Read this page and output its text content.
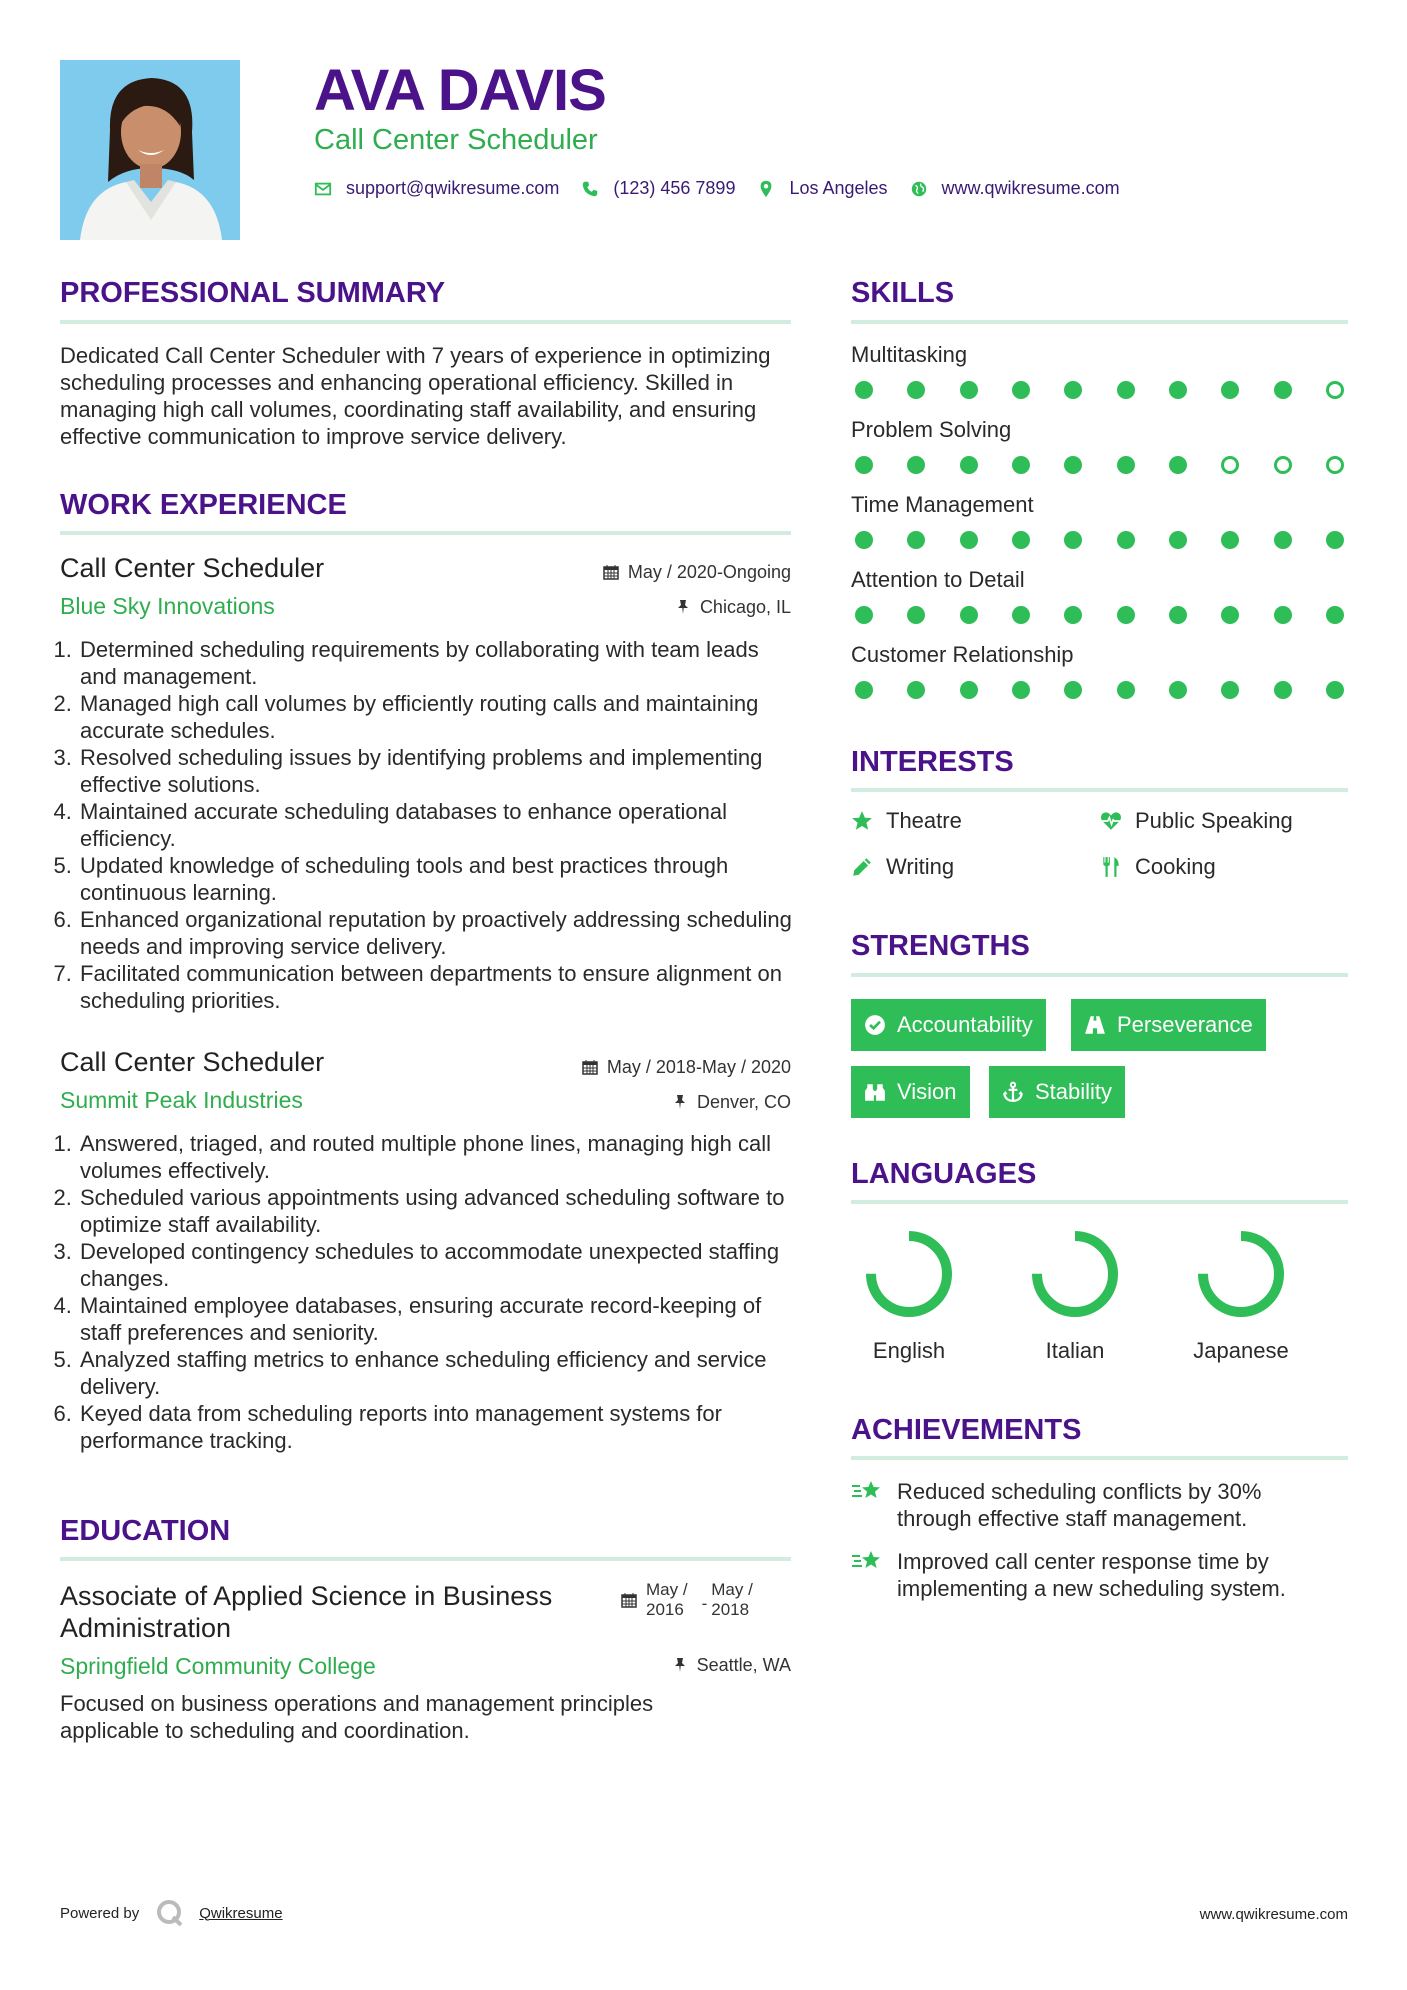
AVA DAVIS
Call Center Scheduler
support@qwikresume.com	(123) 456 7899	Los Angeles	www.qwikresume.com
PROFESSIONAL SUMMARY
Dedicated Call Center Scheduler with 7 years of experience in optimizing scheduling processes and enhancing operational efficiency. Skilled in managing high call volumes, coordinating staff availability, and ensuring effective communication to improve service delivery.
WORK EXPERIENCE
Call Center Scheduler
Blue Sky Innovations
May / 2020-Ongoing
Chicago, IL
1. Determined scheduling requirements by collaborating with team leads and management.
2. Managed high call volumes by efficiently routing calls and maintaining accurate schedules.
3. Resolved scheduling issues by identifying problems and implementing effective solutions.
4. Maintained accurate scheduling databases to enhance operational efficiency.
5. Updated knowledge of scheduling tools and best practices through continuous learning.
6. Enhanced organizational reputation by proactively addressing scheduling needs and improving service delivery.
7. Facilitated communication between departments to ensure alignment on scheduling priorities.
Call Center Scheduler
Summit Peak Industries
May / 2018-May / 2020
Denver, CO
1. Answered, triaged, and routed multiple phone lines, managing high call volumes effectively.
2. Scheduled various appointments using advanced scheduling software to optimize staff availability.
3. Developed contingency schedules to accommodate unexpected staffing changes.
4. Maintained employee databases, ensuring accurate record-keeping of staff preferences and seniority.
5. Analyzed staffing metrics to enhance scheduling efficiency and service delivery.
6. Keyed data from scheduling reports into management systems for performance tracking.
EDUCATION
Associate of Applied Science in Business
Administration
Springfield Community College
May /
2016 -
May /
2018
Seattle, WA
Focused on business operations and management principles applicable to scheduling and coordination.
SKILLS
Multitasking
Problem Solving
Time Management
Attention to Detail
Customer Relationship
INTERESTS
Theatre	Public Speaking
Writing	Cooking
STRENGTHS
Accountability	Perseverance
Vision	Stability
LANGUAGES
English	Italian	Japanese
ACHIEVEMENTS
Reduced scheduling conflicts by 30%
through effective staff management.
Improved call center response time by
implementing a new scheduling system.
Powered by	Qwikresume	www.qwikresume.com
